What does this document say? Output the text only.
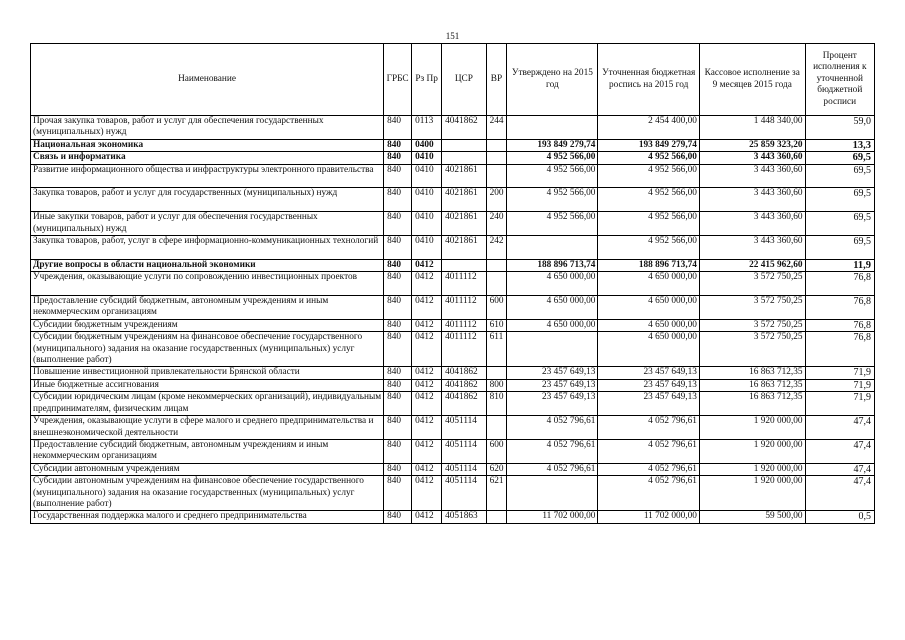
151
Наименование	ГРБС	Рз Пр	ЦСР	ВР	Утверждено на 2015 год	Уточненная бюджетная роспись на 2015 год	Кассовое исполнение за 9 месяцев 2015 года	Процент исполнения к уточненной бюджетной росписи
Прочая закупка товаров, работ и услуг для обеспечения государственных (муниципальных) нужд	840	0113	4041862	244		2 454 400,00	1 448 340,00	59,0
Национальная экономика	840	0400			193 849 279,74	193 849 279,74	25 859 323,20	13,3
Связь и информатика	840	0410			4 952 566,00	4 952 566,00	3 443 360,60	69,5
Развитие информационного общества и инфраструктуры электронного правительства	840	0410	4021861		4 952 566,00	4 952 566,00	3 443 360,60	69,5
Закупка товаров, работ и услуг для государственных (муниципальных) нужд	840	0410	4021861	200	4 952 566,00	4 952 566,00	3 443 360,60	69,5
Иные закупки товаров, работ и услуг для обеспечения государственных (муниципальных) нужд	840	0410	4021861	240	4 952 566,00	4 952 566,00	3 443 360,60	69,5
Закупка товаров, работ, услуг в сфере информационно-коммуникационных технологий	840	0410	4021861	242		4 952 566,00	3 443 360,60	69,5
Другие вопросы в области национальной экономики	840	0412			188 896 713,74	188 896 713,74	22 415 962,60	11,9
Учреждения, оказывающие услуги по сопровождению инвестиционных проектов	840	0412	4011112		4 650 000,00	4 650 000,00	3 572 750,25	76,8
Предоставление субсидий бюджетным, автономным учреждениям и иным некоммерческим организациям	840	0412	4011112	600	4 650 000,00	4 650 000,00	3 572 750,25	76,8
Субсидии бюджетным учреждениям	840	0412	4011112	610	4 650 000,00	4 650 000,00	3 572 750,25	76,8
Субсидии бюджетным учреждениям на финансовое обеспечение государственного (муниципального) задания на оказание государственных (муниципальных) услуг (выполнение работ)	840	0412	4011112	611		4 650 000,00	3 572 750,25	76,8
Повышение инвестиционной привлекательности Брянской области	840	0412	4041862		23 457 649,13	23 457 649,13	16 863 712,35	71,9
Иные бюджетные ассигнования	840	0412	4041862	800	23 457 649,13	23 457 649,13	16 863 712,35	71,9
Субсидии юридическим лицам (кроме некоммерческих организаций), индивидуальным предпринимателям, физическим лицам	840	0412	4041862	810	23 457 649,13	23 457 649,13	16 863 712,35	71,9
Учреждения, оказывающие услуги в сфере малого и среднего предпринимательства и внешнеэкономической деятельности	840	0412	4051114		4 052 796,61	4 052 796,61	1 920 000,00	47,4
Предоставление субсидий бюджетным, автономным учреждениям и иным некоммерческим организациям	840	0412	4051114	600	4 052 796,61	4 052 796,61	1 920 000,00	47,4
Субсидии автономным учреждениям	840	0412	4051114	620	4 052 796,61	4 052 796,61	1 920 000,00	47,4
Субсидии автономным учреждениям на финансовое обеспечение государственного (муниципального) задания на оказание государственных (муниципальных) услуг (выполнение работ)	840	0412	4051114	621		4 052 796,61	1 920 000,00	47,4
Государственная поддержка малого и среднего предпринимательства	840	0412	4051863		11 702 000,00	11 702 000,00	59 500,00	0,5
